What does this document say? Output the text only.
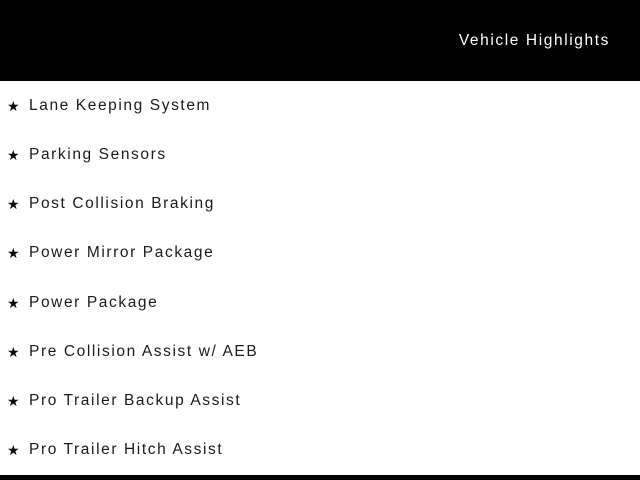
Vehicle Highlights
★ Lane Keeping System
★ Parking Sensors
★ Post Collision Braking
★ Power Mirror Package
★ Power Package
★ Pre Collision Assist w/ AEB
★ Pro Trailer Backup Assist
★ Pro Trailer Hitch Assist
